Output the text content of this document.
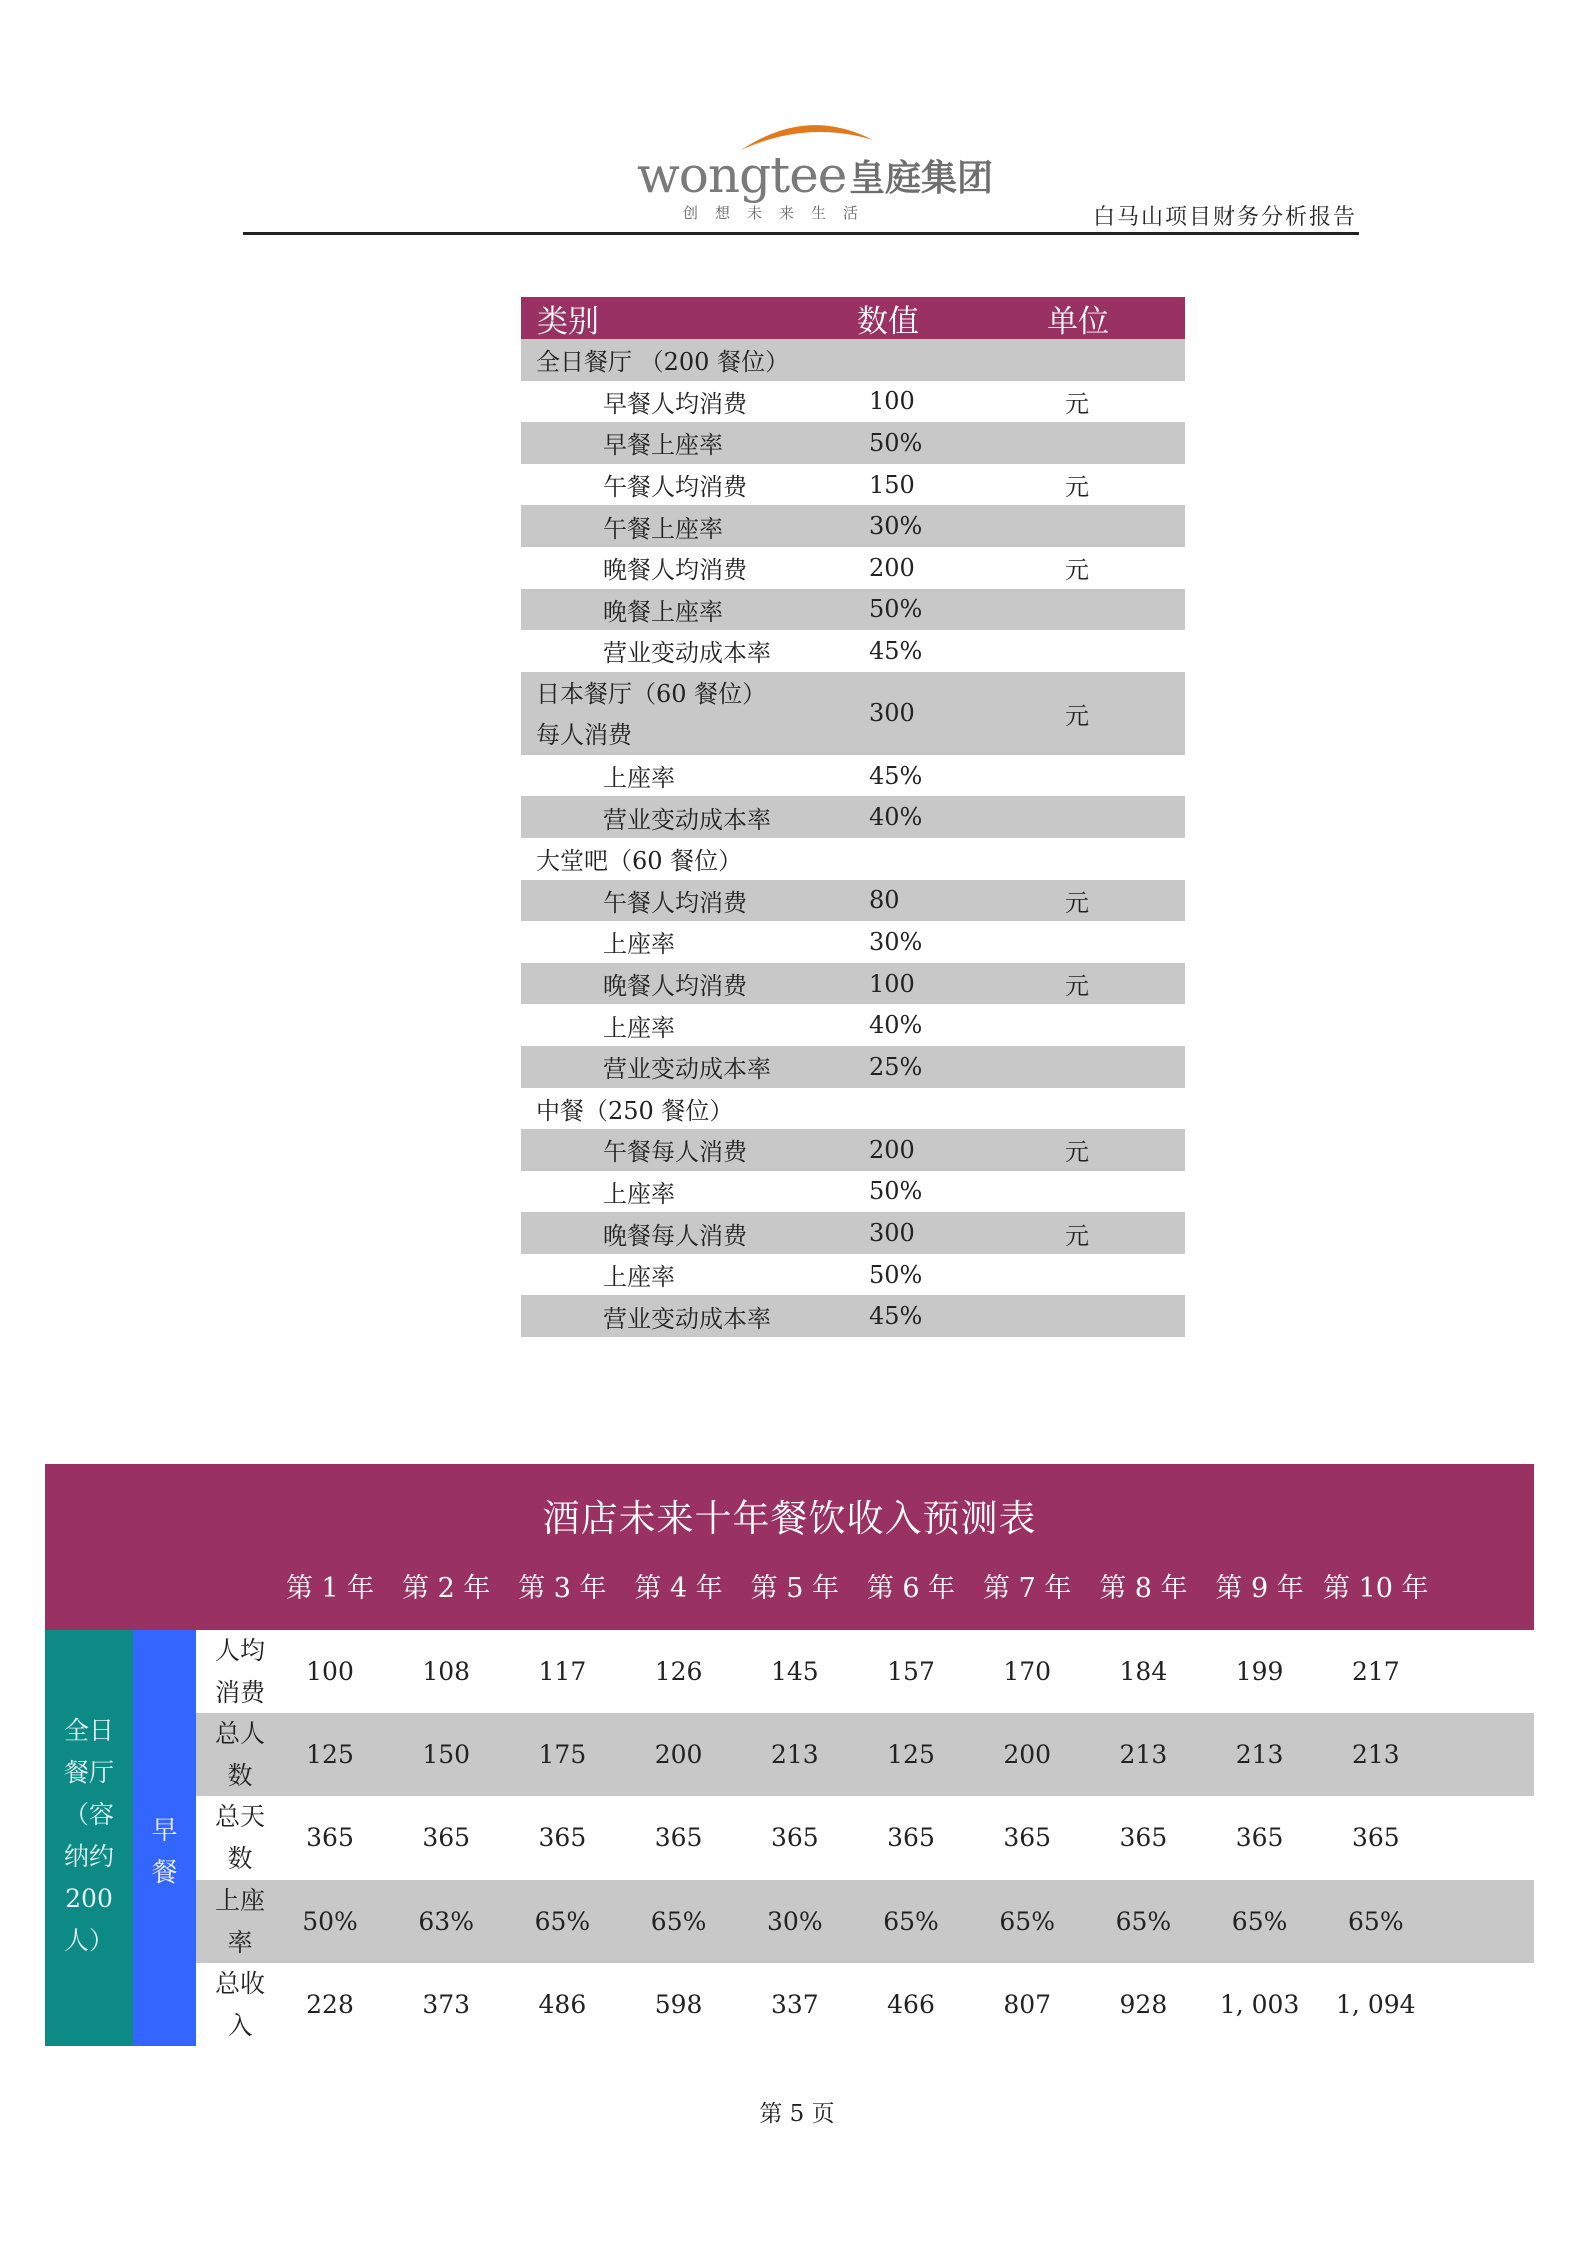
wongtee 皇庭集团
创想未来生活	白马山项目财务分析报告
类别	数值	单位
全日餐厅 （200 餐位）
早餐人均消费	100	元
早餐上座率	50%
午餐人均消费	150	元
午餐上座率	30%
晚餐人均消费	200	元
晚餐上座率	50%
营业变动成本率	45%
日本餐厅（60 餐位）
每人消费
300	元
上座率	45%
营业变动成本率	40%
大堂吧（60 餐位）
午餐人均消费	80	元
上座率	30%
晚餐人均消费	100	元
上座率	40%
营业变动成本率	25%
中餐（250 餐位）
午餐每人消费	200	元
上座率	50%
晚餐每人消费	300	元
上座率	50%
营业变动成本率	45%
酒店未来十年餐饮收入预测表
第 1 年 第 2 年 第 3 年 第 4 年 第 5 年 第 6 年 第 7 年 第 8 年 第 9 年 第 10 年
全日
餐厅
（容
纳约
200
人）
早
餐
人均
消费
100	108	117	126	145	157	170	184	199	217
总人
数
125	150	175	200	213	125	200	213	213	213
总天
数
365	365	365	365	365	365	365	365	365	365
上座
率
50% 63% 65% 65% 30% 65% 65% 65% 65% 65%
总收
入
228	373	486	598	337	466	807	928 1, 003 1, 094
第 5 页
